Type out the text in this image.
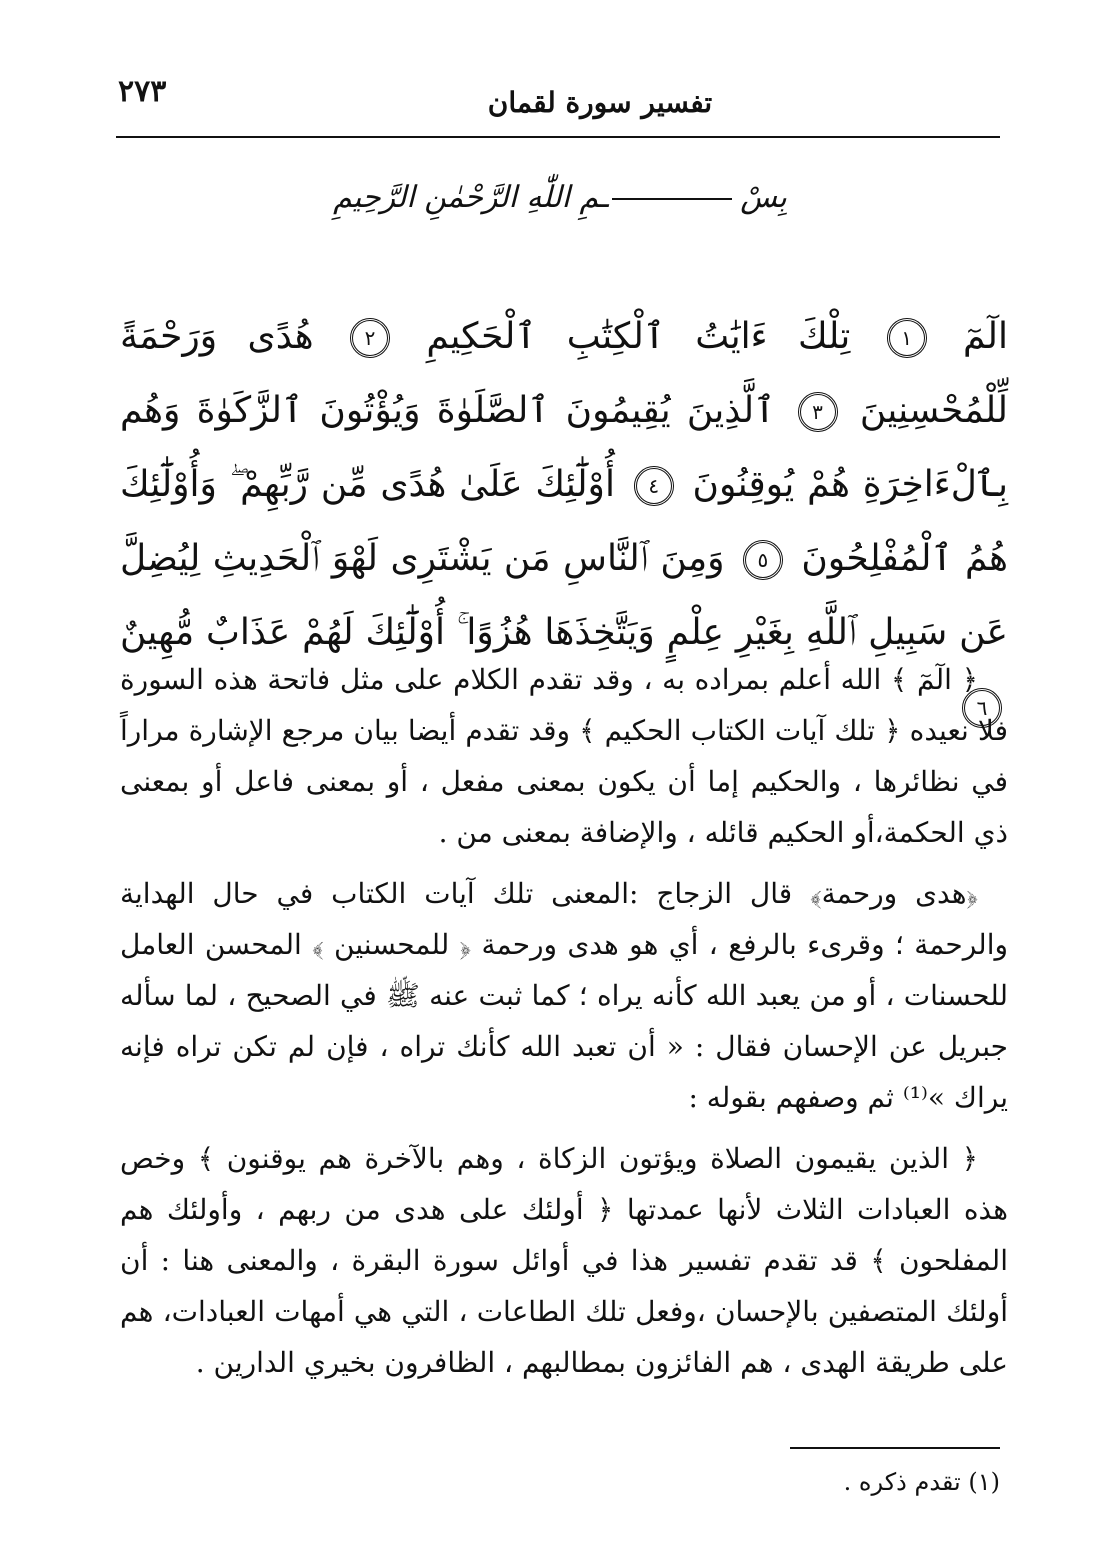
٢٧٣	تفسير سورة لقمان
بِسْـمِ اللّٰهِ الرَّحْمٰنِ الرَّحِيمِ
الٓمٓ ١ تِلْكَ ءَايَٰتُ ٱلْكِتَٰبِ ٱلْحَكِيمِ ٢ هُدًى وَرَحْمَةً لِّلْمُحْسِنِينَ ٣ ٱلَّذِينَ يُقِيمُونَ ٱلصَّلَوٰةَ وَيُؤْتُونَ ٱلزَّكَوٰةَ وَهُم بِٱلْءَاخِرَةِ هُمْ يُوقِنُونَ ٤ أُوْلَٰٓئِكَ عَلَىٰ هُدًى مِّن رَّبِّهِمْ ۖ وَأُوْلَٰٓئِكَ هُمُ ٱلْمُفْلِحُونَ ٥ وَمِنَ ٱلنَّاسِ مَن يَشْتَرِى لَهْوَ ٱلْحَدِيثِ لِيُضِلَّ عَن سَبِيلِ ٱللَّهِ بِغَيْرِ عِلْمٍ وَيَتَّخِذَهَا هُزُوًا ۚ أُوْلَٰٓئِكَ لَهُمْ عَذَابٌ مُّهِينٌ ٦

﴿ الٓمٓ ﴾ الله أعلم بمراده به ، وقد تقدم الكلام على مثل فاتحة هذه السورة فلا نعيده ﴿ تلك آيات الكتاب الحكيم ﴾ وقد تقدم أيضا بيان مرجع الإشارة مراراً في نظائرها ، والحكيم إما أن يكون بمعنى مفعل ، أو بمعنى فاعل أو بمعنى ذي الحكمة،أو الحكيم قائله ، والإضافة بمعنى من .

﴿هدى ورحمة﴾ قال الزجاج :المعنى تلك آيات الكتاب في حال الهداية والرحمة ؛ وقرىء بالرفع ، أي هو هدى ورحمة ﴿ للمحسنين ﴾ المحسن العامل للحسنات ، أو من يعبد الله كأنه يراه ؛ كما ثبت عنه ﷺ في الصحيح ، لما سأله جبريل عن الإحسان فقال : « أن تعبد الله كأنك تراه ، فإن لم تكن تراه فإنه يراك »⁽¹⁾ ثم وصفهم بقوله :

﴿ الذين يقيمون الصلاة ويؤتون الزكاة ، وهم بالآخرة هم يوقنون ﴾ وخص هذه العبادات الثلاث لأنها عمدتها ﴿ أولئك على هدى من ربهم ، وأولئك هم المفلحون ﴾ قد تقدم تفسير هذا في أوائل سورة البقرة ، والمعنى هنا : أن أولئك المتصفين بالإحسان ،وفعل تلك الطاعات ، التي هي أمهات العبادات، هم على طريقة الهدى ، هم الفائزون بمطالبهم ، الظافرون بخيري الدارين .

(١) تقدم ذكره .
